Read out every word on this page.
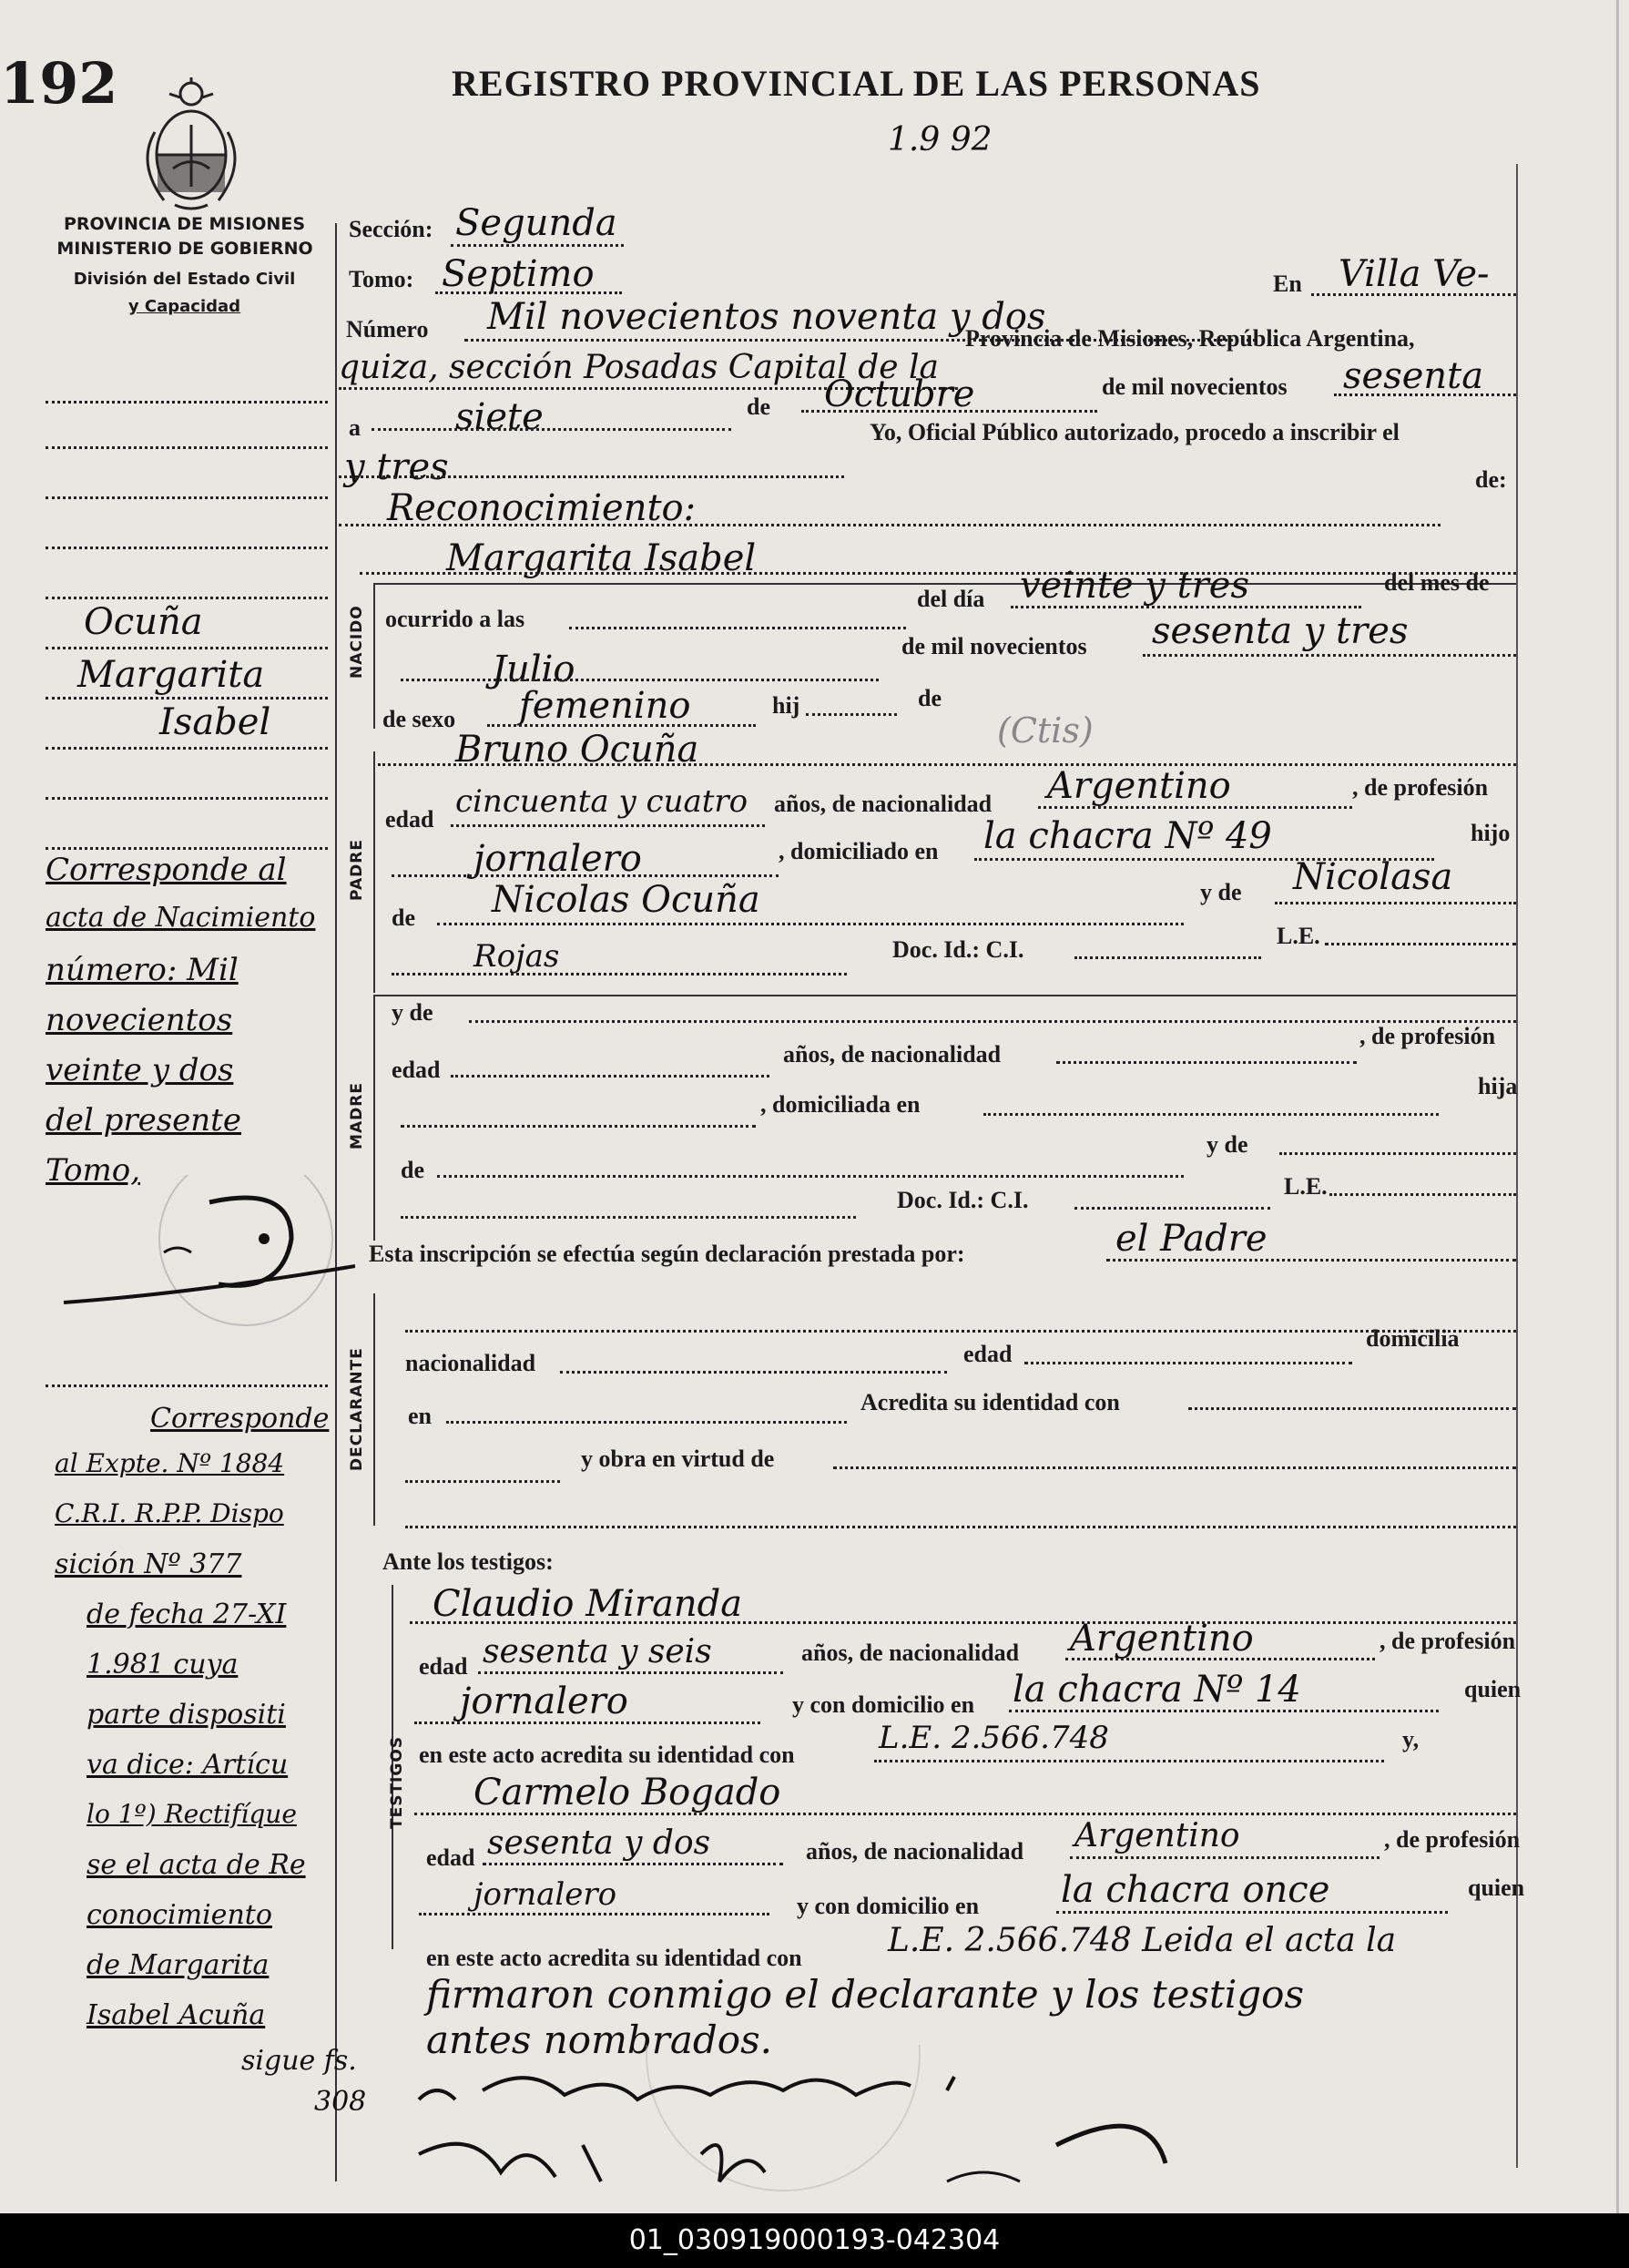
192	REGISTRO PROVINCIAL DE LAS PERSONAS
1.9 92
PROVINCIA DE MISIONES
MINISTERIO DE GOBIERNO
División del Estado Civil
y Capacidad
Ocuña
Margarita
Isabel
Corresponde al
acta de Nacimiento
número: Mil
novecientos
veinte y dos
del presente
Tomo,
Corresponde
al Expte. Nº 1884
C.R.I. R.P.P. Dispo
sición Nº 377
de fecha 27-XI
1.981 cuya
parte dispositi
va dice: Artícu
lo 1º) Rectifíque
se el acta de Re
conocimiento
de Margarita
Isabel Acuña
sigue fs.
308
Sección: Segunda
Tomo: Septimo	En Villa Ve-
Número Mil novecientos noventa y dos
quiza, sección Posadas Capital de la
Provincia de Misiones, República Argentina,
a	siete	de Octubre	de mil novecientos sesenta
y tres
Yo, Oficial Público autorizado, procedo a inscribir el
de:
Reconocimiento:
Margarita Isabel
NACIDO ocurrido a las
del día veinte y tres	del mes de
Julio
de mil novecientos sesenta y tres
de sexo femenino	hij	de
(Ctis)
Bruno Ocuña
PADRE
edad cincuenta y cuatro años, de nacionalidad Argentino	, de profesión
jornalero	, domiciliado en la chacra Nº 49	hijo
de Nicolas Ocuña	y de Nicolasa
Rojas	Doc. Id.: C.I.
L.E.
MADRE
y de
edad
años, de nacionalidad
, de profesión
, domiciliada en
hija
de
y de
Doc. Id.: C.I.
L.E.
Esta inscripción se efectúa según declaración prestada por:	el Padre
DECLARANTE nacionalidad	edad
domicilia
en
Acredita su identidad con
y obra en virtud de
Ante los testigos:
TESTIGOS
Claudio Miranda
edad sesenta y seis	años, de nacionalidad Argentino	, de profesión
jornalero	y con domicilio en la chacra Nº 14	quien
en este acto acredita su identidad con	L.E. 2.566.748	y,
Carmelo Bogado
edad sesenta y dos	años, de nacionalidad Argentino	, de profesión
jornalero	y con domicilio en la chacra once	quien
en este acto acredita su identidad con	L.E. 2.566.748 Leida el acta la
firmaron conmigo el declarante y los testigos
antes nombrados.
01_030919000193-042304
